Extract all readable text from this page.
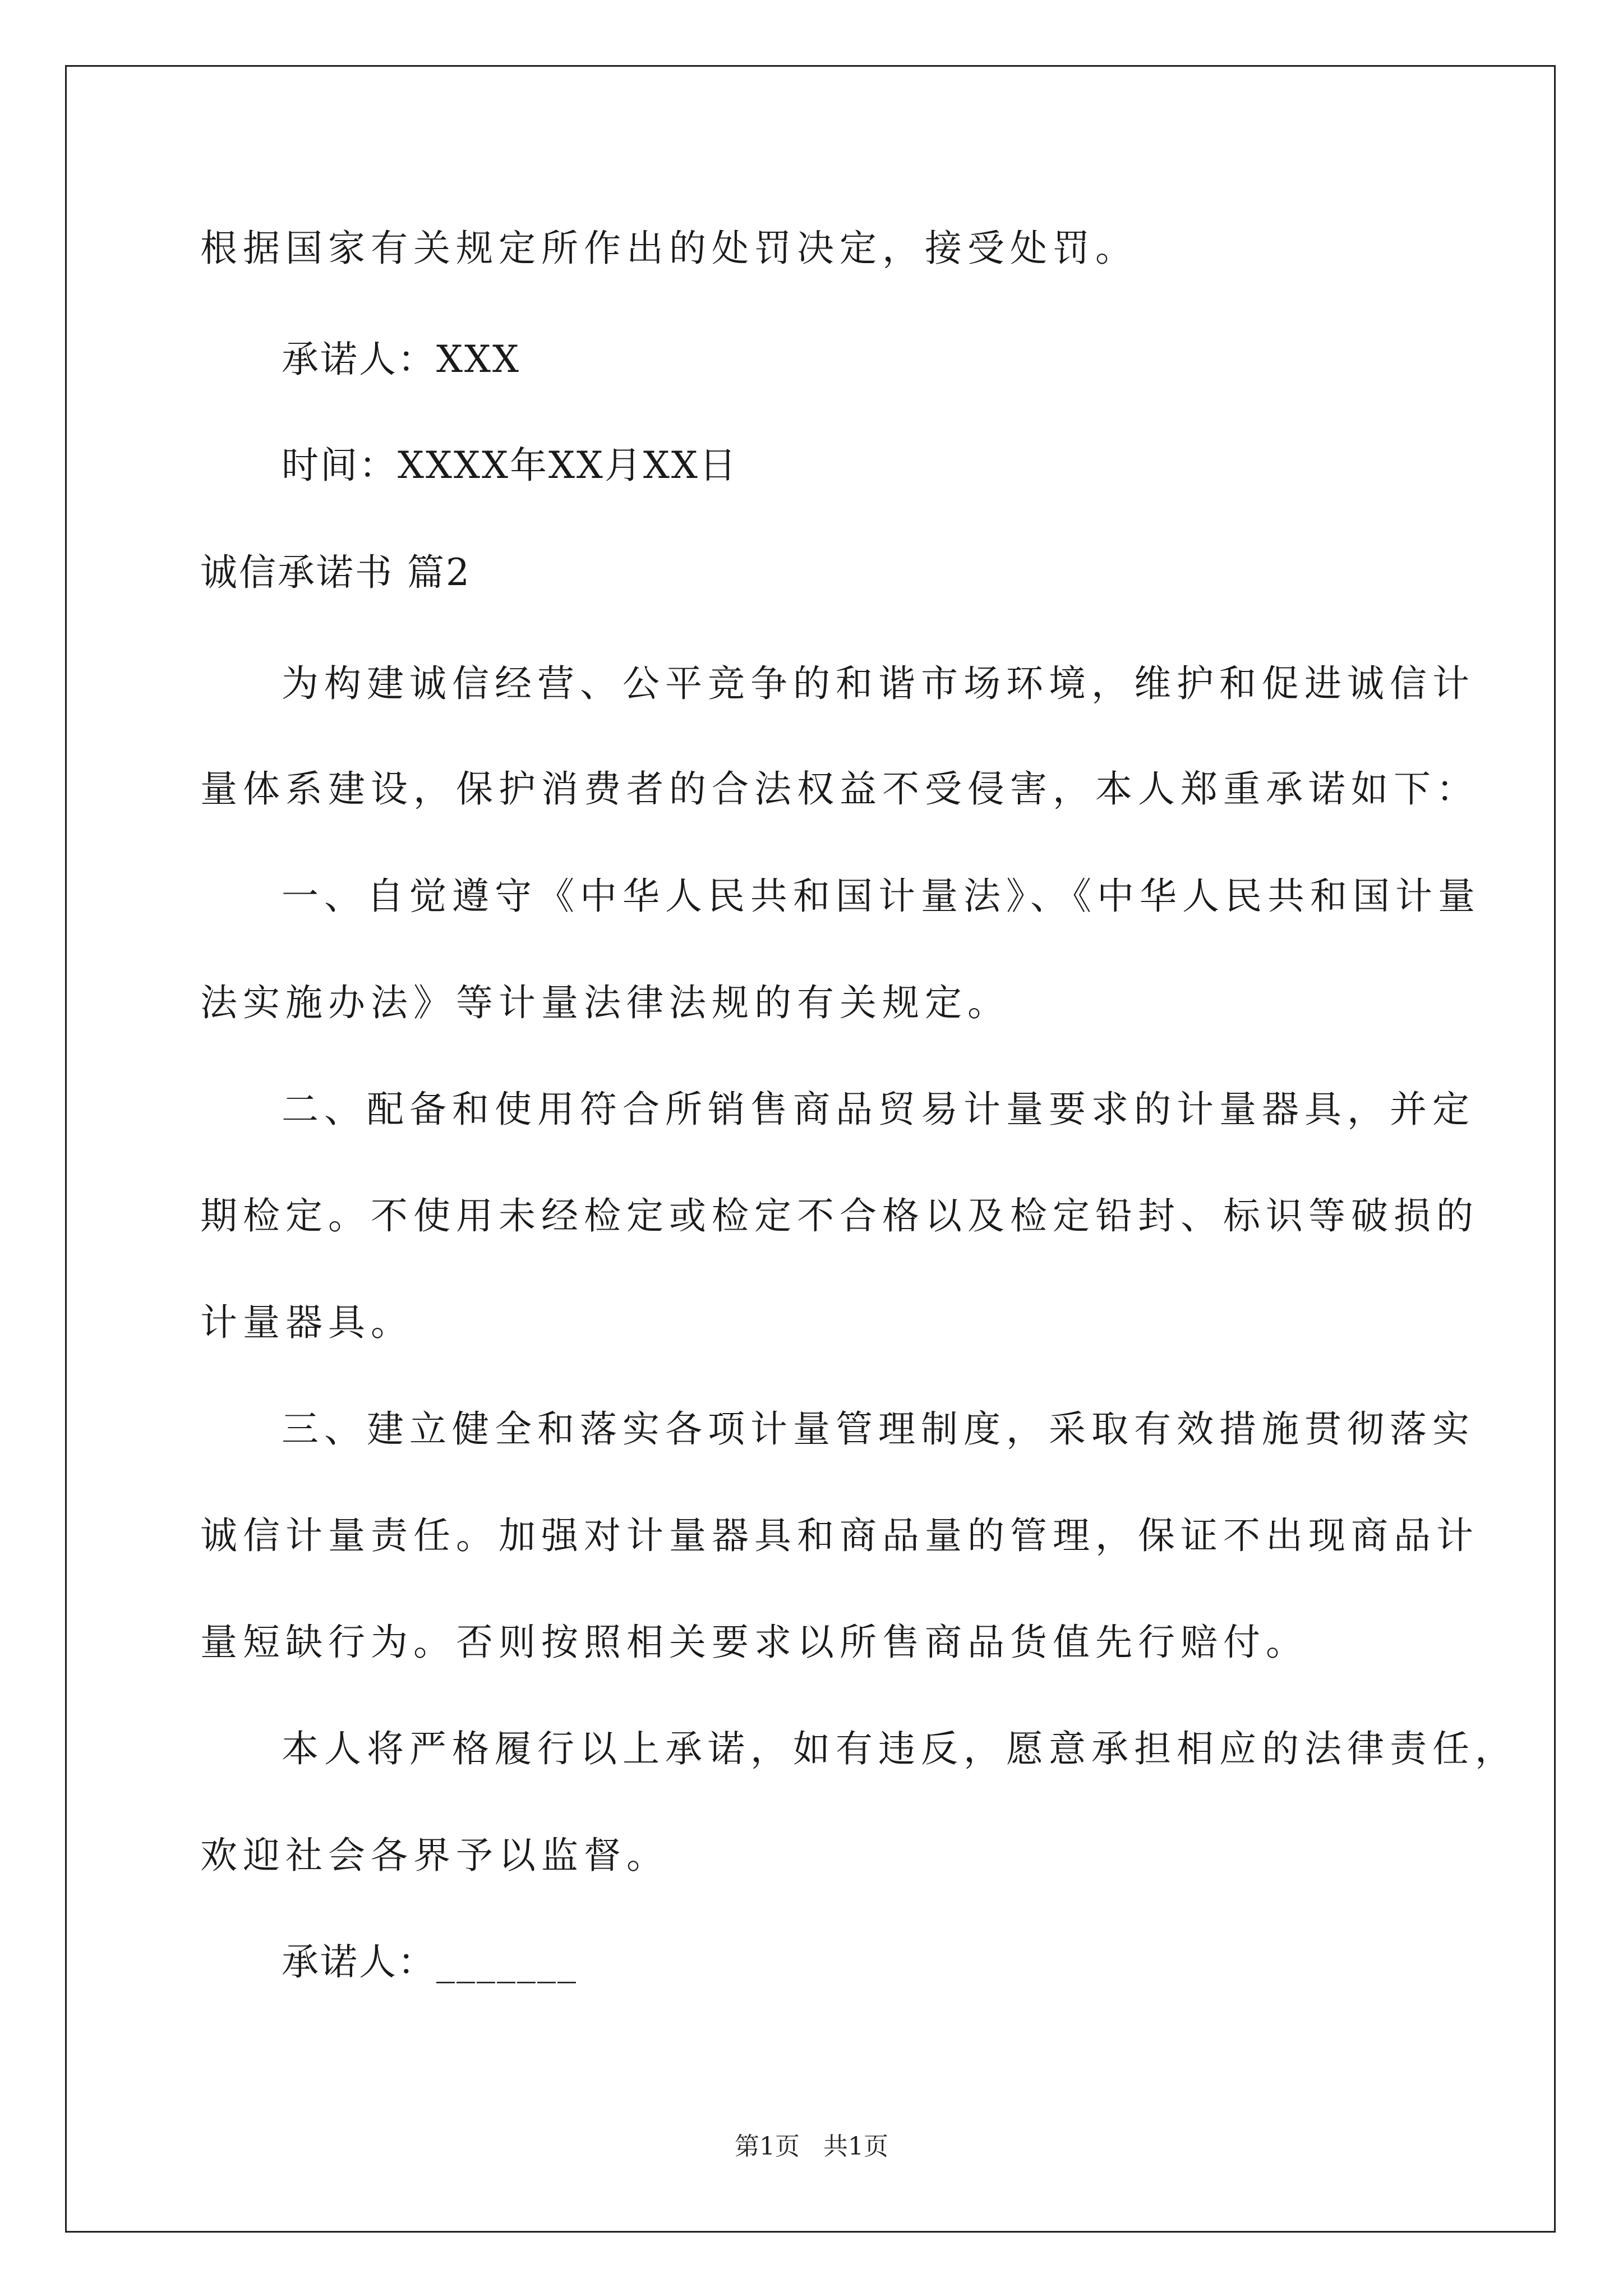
根据国家有关规定所作出的处罚决定，接受处罚。
承诺人：XXX
时间：XXXX年XX月XX日
诚信承诺书 篇2
为构建诚信经营、公平竞争的和谐市场环境，维护和促进诚信计
量体系建设，保护消费者的合法权益不受侵害，本人郑重承诺如下：
一、自觉遵守《中华人民共和国计量法》、《中华人民共和国计量
法实施办法》等计量法律法规的有关规定。
二、配备和使用符合所销售商品贸易计量要求的计量器具，并定
期检定。不使用未经检定或检定不合格以及检定铅封、标识等破损的
计量器具。
三、建立健全和落实各项计量管理制度，采取有效措施贯彻落实
诚信计量责任。加强对计量器具和商品量的管理，保证不出现商品计
量短缺行为。否则按照相关要求以所售商品货值先行赔付。
本人将严格履行以上承诺，如有违反，愿意承担相应的法律责任，
欢迎社会各界予以监督。
承诺人：_______
第1页   共1页
